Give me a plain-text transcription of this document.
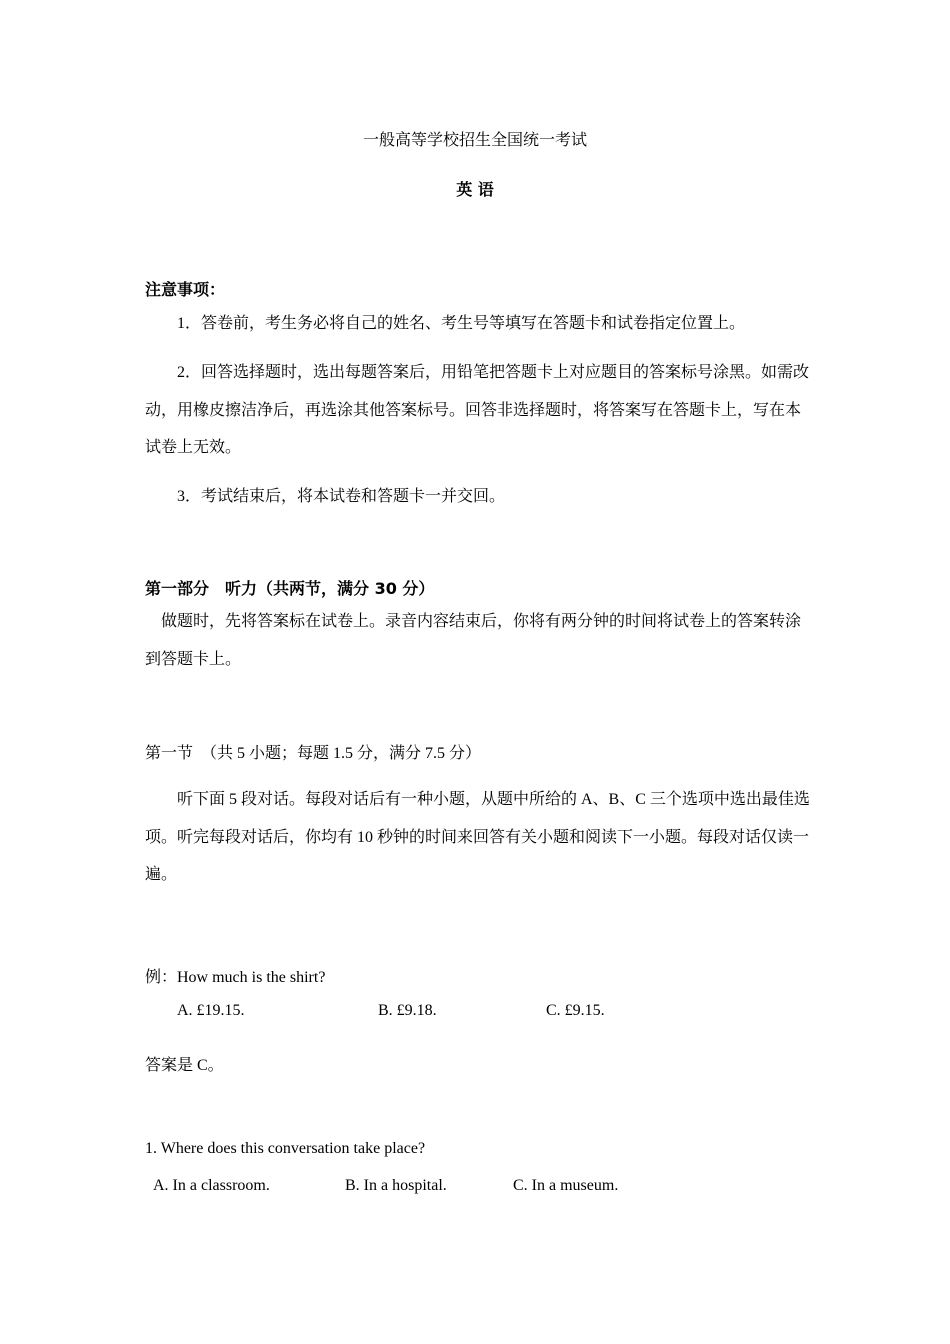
一般高等学校招生全国统一考试
英 语
注意事项：
1．答卷前，考生务必将自己的姓名、考生号等填写在答题卡和试卷指定位置上。
2．回答选择题时，选出每题答案后，用铅笔把答题卡上对应题目的答案标号涂黑。如需改动，用橡皮擦洁净后，再选涂其他答案标号。回答非选择题时，将答案写在答题卡上，写在本试卷上无效。
3．考试结束后，将本试卷和答题卡一并交回。
第一部分　听力（共两节，满分 30 分）
做题时，先将答案标在试卷上。录音内容结束后，你将有两分钟的时间将试卷上的答案转涂到答题卡上。
第一节　（共 5 小题；每题 1.5 分，满分 7.5 分）
听下面 5 段对话。每段对话后有一种小题，从题中所给的 A、B、C 三个选项中选出最佳选项。听完每段对话后，你均有 10 秒钟的时间来回答有关小题和阅读下一小题。每段对话仅读一遍。
例：How much is the shirt?
A. £19.15.	B. £9.18.	C. £9.15.
答案是 C。
1. Where does this conversation take place?
A. In a classroom.	B. In a hospital.	C. In a museum.
